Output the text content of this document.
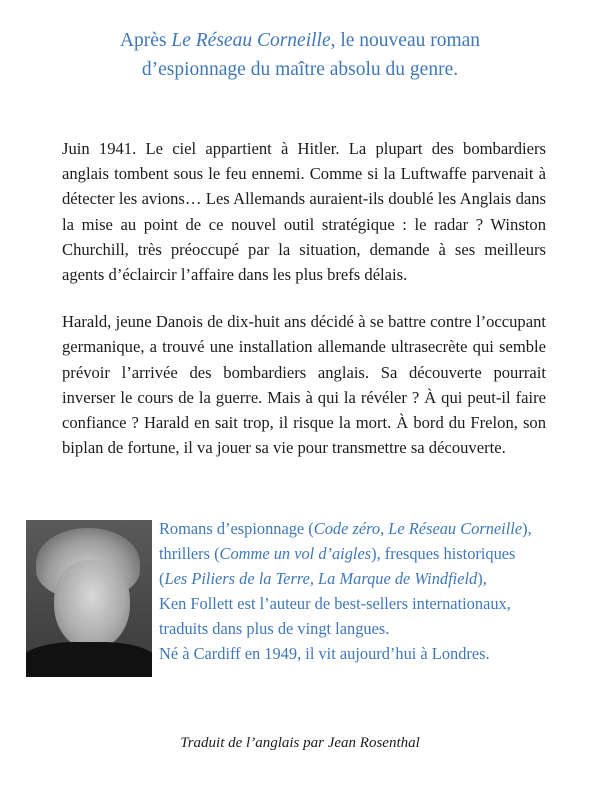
Après Le Réseau Corneille, le nouveau roman
d’espionnage du maître absolu du genre.

Juin 1941. Le ciel appartient à Hitler. La plupart des bombardiers anglais tombent sous le feu ennemi. Comme si la Luftwaffe parvenait à détecter les avions… Les Allemands auraient-ils doublé les Anglais dans la mise au point de ce nouvel outil stratégique : le radar ? Winston Churchill, très préoccupé par la situation, demande à ses meilleurs agents d’éclaircir l’affaire dans les plus brefs délais.

Harald, jeune Danois de dix-huit ans décidé à se battre contre l’occupant germanique, a trouvé une installation allemande ultrasecrète qui semble prévoir l’arrivée des bombardiers anglais. Sa découverte pourrait inverser le cours de la guerre. Mais à qui la révéler ? À qui peut-il faire confiance ? Harald en sait trop, il risque la mort. À bord du Frelon, son biplan de fortune, il va jouer sa vie pour transmettre sa découverte.

Romans d’espionnage (Code zéro, Le Réseau Corneille),
thrillers (Comme un vol d’aigles), fresques historiques
(Les Piliers de la Terre, La Marque de Windfield),
Ken Follett est l’auteur de best-sellers internationaux,
traduits dans plus de vingt langues.
Né à Cardiff en 1949, il vit aujourd’hui à Londres.
Traduit de l’anglais par Jean Rosenthal
